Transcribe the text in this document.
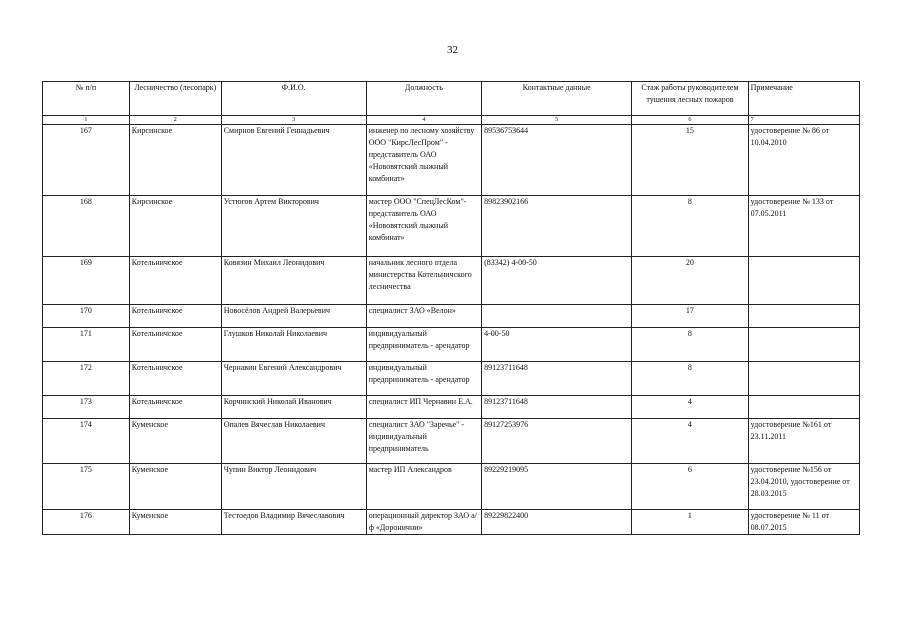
32
№ п/п	Лесничество (лесопарк)	Ф.И.О.	Должность	Контактные данные	Стаж работы руководителем тушения лесных пожаров	Примечание
1	2	3	4	5	6	7
167	Кирсинское	Смирнов Евгений Геннадьевич	инженер по лесному хозяйству ООО "КирсЛесПром" - представитель ОАО «Нововятский лыжный комбинат»	89536753644	15	удостоверение № 86 от 10.04.2010
168	Кирсинское	Устюгов Артем Викторович	мастер ООО "СпецЛесКом"- представитель ОАО «Нововятский лыжный комбинат»	89823902166	8	удостоверение № 133 от 07.05.2011
169	Котельничское	Ковязин Михаил Леонидович	начальник лесного отдела министерства Котельничского лесничества	(83342) 4-00-50	20	
170	Котельничское	Новосёлов Андрей Валерьевич	специалист ЗАО «Велон»		17	
171	Котельничское	Глушков Николай Николаевич	индивидуальный предприниматель - арендатор	4-00-50	8	
172	Котельничское	Чернавин Евгений Александрович	индивидуальный предприниматель - арендатор	89123711648	8	
173	Котельничское	Корчинский Николай Иванович	специалист ИП Чернавин Е.А.	89123711648	4	
174	Куменское	Опалев Вячеслав Николаевич	специалист ЗАО "Заречье" - индивидуальный предприниматель	89127253976	4	удостоверение №161 от 23.11.2011
175	Куменское	Чупин Виктор Леонидович	мастер ИП Александров	89229219095	6	удостоверение №156 от 23.04.2010, удостоверение от 28.03.2015
176	Куменское	Тестоедов Владимир Вячеславович	операционный директор ЗАО а/ф «Доронични»	89229822400	1	удостоверение № 11 от 08.07.2015
